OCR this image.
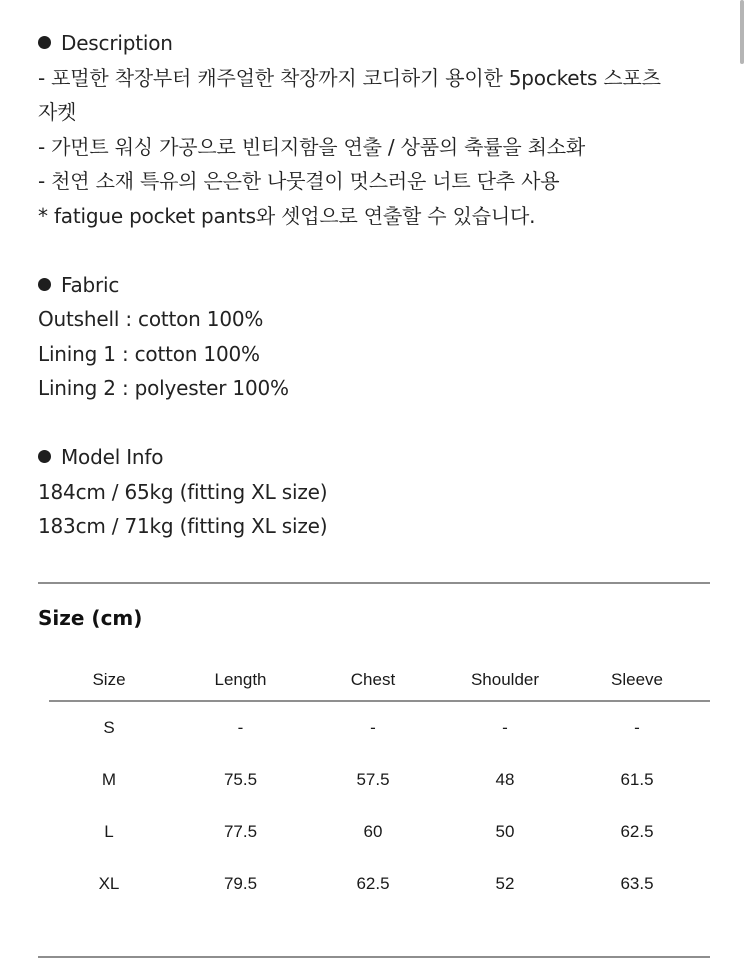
Description
- 포멀한 착장부터 캐주얼한 착장까지 코디하기 용이한 5pockets 스포츠
자켓
- 가먼트 워싱 가공으로 빈티지함을 연출 / 상품의 축률을 최소화
- 천연 소재 특유의 은은한 나뭇결이 멋스러운 너트 단추 사용
* fatigue pocket pants와 셋업으로 연출할 수 있습니다.
Fabric
Outshell : cotton 100%
Lining 1 : cotton 100%
Lining 2 : polyester 100%
Model Info
184cm / 65kg (fitting XL size)
183cm / 71kg (fitting XL size)
Size (cm)
Size	Length	Chest	Shoulder	Sleeve
S	-	-	-	-
M	75.5	57.5	48	61.5
L	77.5	60	50	62.5
XL	79.5	62.5	52	63.5
